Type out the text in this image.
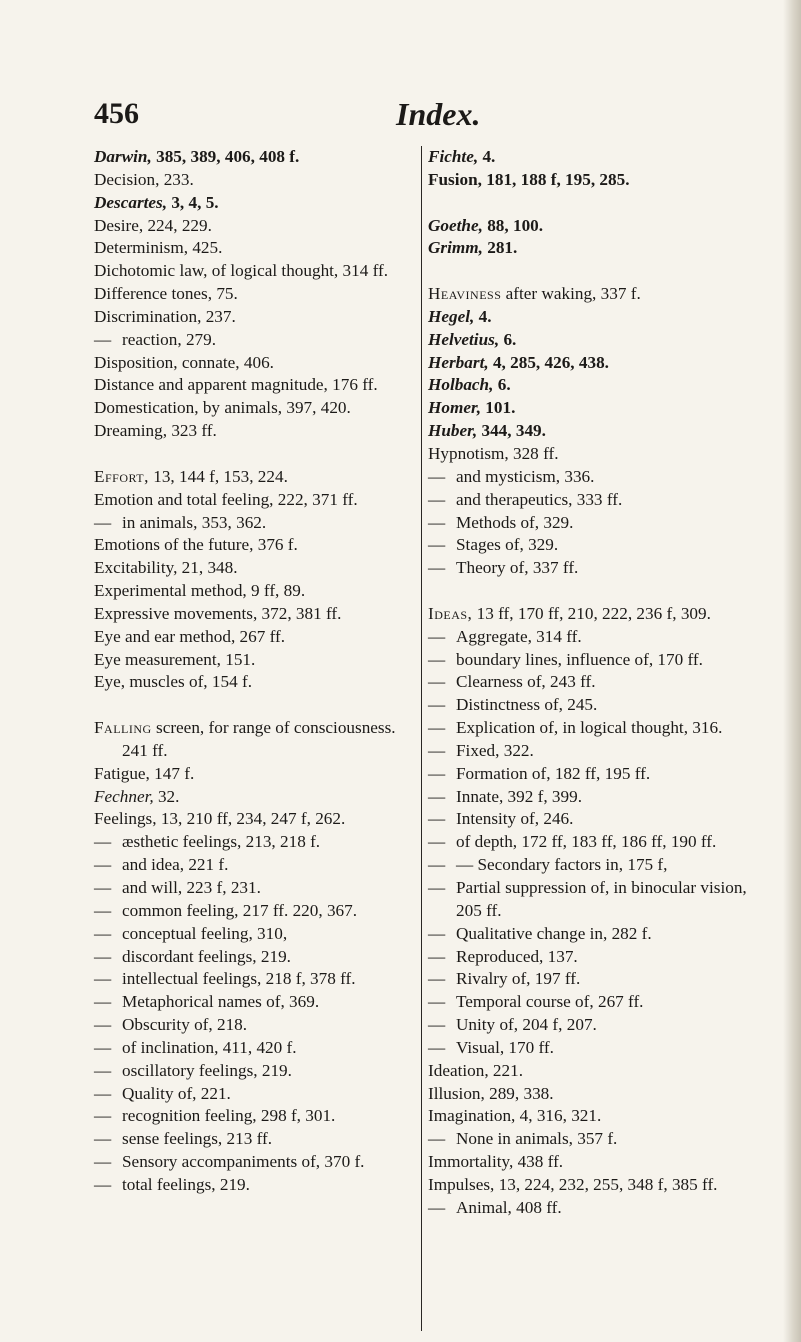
456	Index.
Darwin, 385, 389, 406, 408 f.
Decision, 233.
Descartes, 3, 4, 5.
Desire, 224, 229.
Determinism, 425.
Dichotomic law, of logical thought, 314 ff.
Difference tones, 75.
Discrimination, 237.
— reaction, 279.
Disposition, connate, 406.
Distance and apparent magnitude, 176 ff.
Domestication, by animals, 397, 420.
Dreaming, 323 ff.
Effort, 13, 144 f, 153, 224.
Emotion and total feeling, 222, 371 ff.
— in animals, 353, 362.
Emotions of the future, 376 f.
Excitability, 21, 348.
Experimental method, 9 ff, 89.
Expressive movements, 372, 381 ff.
Eye and ear method, 267 ff.
Eye measurement, 151.
Eye, muscles of, 154 f.
Falling screen, for range of consciousness. 241 ff.
Fatigue, 147 f.
Fechner, 32.
Feelings, 13, 210 ff, 234, 247 f, 262.
— æsthetic feelings, 213, 218 f.
— and idea, 221 f.
— and will, 223 f, 231.
— common feeling, 217 ff. 220, 367.
— conceptual feeling, 310,
— discordant feelings, 219.
— intellectual feelings, 218 f, 378 ff.
— Metaphorical names of, 369.
— Obscurity of, 218.
— of inclination, 411, 420 f.
— oscillatory feelings, 219.
— Quality of, 221.
— recognition feeling, 298 f, 301.
— sense feelings, 213 ff.
— Sensory accompaniments of, 370 f.
— total feelings, 219.
Fichte, 4.
Fusion, 181, 188 f, 195, 285.
Goethe, 88, 100.
Grimm, 281.
Heaviness after waking, 337 f.
Hegel, 4.
Helvetius, 6.
Herbart, 4, 285, 426, 438.
Holbach, 6.
Homer, 101.
Huber, 344, 349.
Hypnotism, 328 ff.
— and mysticism, 336.
— and therapeutics, 333 ff.
— Methods of, 329.
— Stages of, 329.
— Theory of, 337 ff.
Ideas, 13 ff, 170 ff, 210, 222, 236 f, 309.
— Aggregate, 314 ff.
— boundary lines, influence of, 170 ff.
— Clearness of, 243 ff.
— Distinctness of, 245.
— Explication of, in logical thought, 316.
— Fixed, 322.
— Formation of, 182 ff, 195 ff.
— Innate, 392 f, 399.
— Intensity of, 246.
— of depth, 172 ff, 183 ff, 186 ff, 190 ff.
— — Secondary factors in, 175 f,
— Partial suppression of, in binocular vision, 205 ff.
— Qualitative change in, 282 f.
— Reproduced, 137.
— Rivalry of, 197 ff.
— Temporal course of, 267 ff.
— Unity of, 204 f, 207.
— Visual, 170 ff.
Ideation, 221.
Illusion, 289, 338.
Imagination, 4, 316, 321.
— None in animals, 357 f.
Immortality, 438 ff.
Impulses, 13, 224, 232, 255, 348 f, 385 ff.
— Animal, 408 ff.
